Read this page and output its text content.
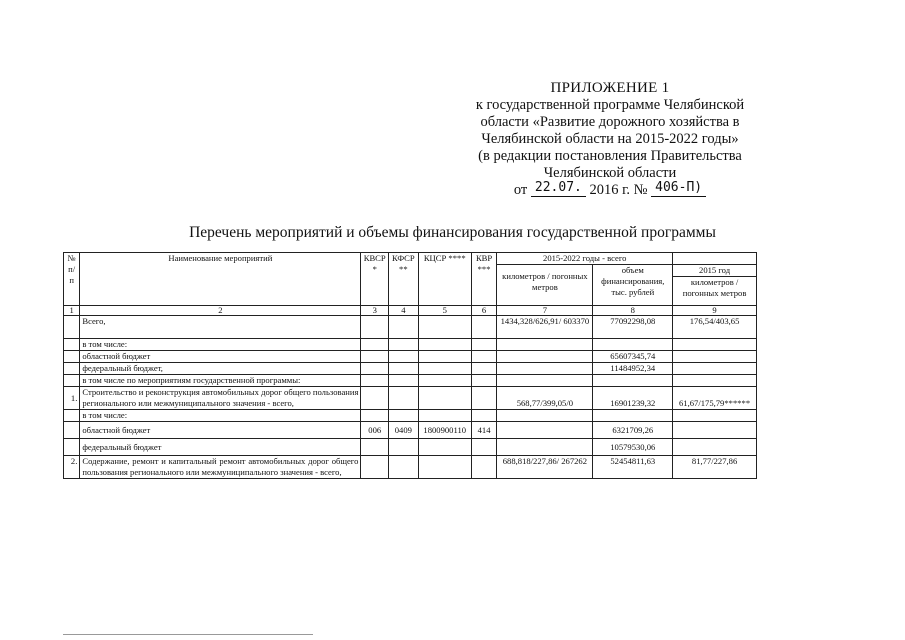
ПРИЛОЖЕНИЕ 1
к государственной программе Челябинской
области «Развитие дорожного хозяйства в
Челябинской области на 2015-2022 годы»
(в редакции постановления Правительства
Челябинской области
от 22.07. 2016 г. № 406-П)
Перечень мероприятий и объемы финансирования государственной программы
№ п/п	Наименование мероприятий	КВСР *	КФСР **	КЦСР ****	КВР ***	2015-2022 годы - всего		
						километров / погонных метров	объем финансирования, тыс. рублей	2015 год
								километров / погонных метров
1	2	3	4	5	6	7	8	9
	Всего,					1434,328/626,91/ 603370	77092298,08	176,54/403,65
	в том числе:							
	областной бюджет						65607345,74	
	федеральный бюджет,						11484952,34	
	в том числе по мероприятиям государственной программы:							
1.	Строительство и реконструкция автомобильных дорог общего пользования регионального или межмуниципального значения - всего,					568,77/399,05/0	16901239,32	61,67/175,79******
	в том числе:							
	областной бюджет	006	0409	1800900110	414		6321709,26	
	федеральный бюджет						10579530,06	
2.	Содержание, ремонт и капитальный ремонт автомобильных дорог общего пользования регионального или межмуниципального значения - всего,					688,818/227,86/ 267262	52454811,63	81,77/227,86
